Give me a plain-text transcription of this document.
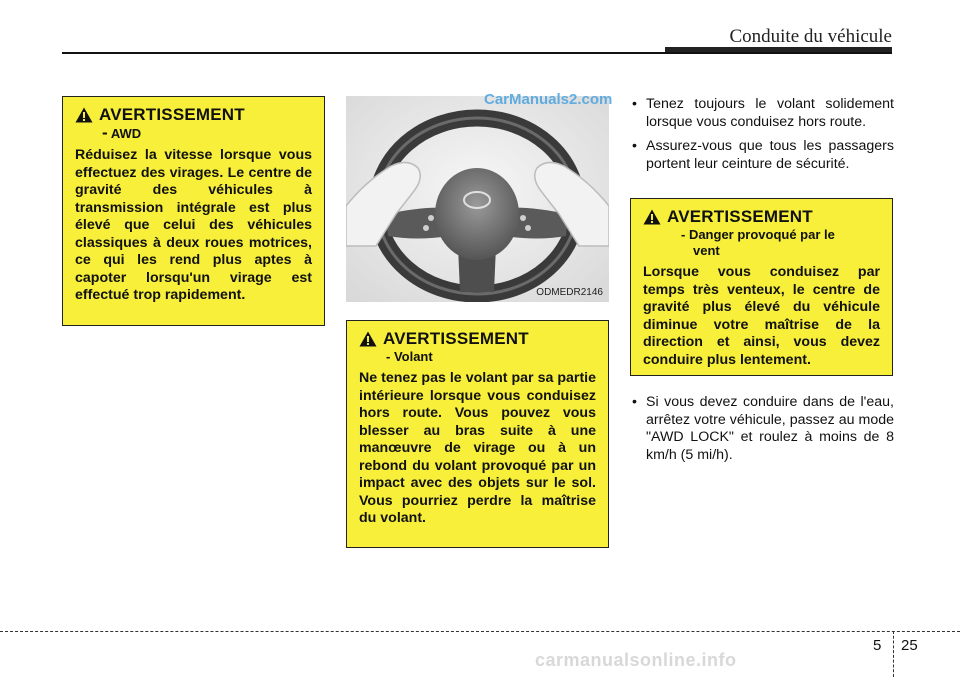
Conduite du véhicule
AVERTISSEMENT
- AWD
Réduisez la vitesse lorsque vous effectuez des virages. Le centre de gravité des véhicules à transmission intégrale est plus élevé que celui des véhicules classiques à deux roues motrices, ce qui les rend plus aptes à capoter lorsqu'un virage est effectué trop rapidement.	ODMEDR2146
CarManuals2.com
AVERTISSEMENT
- Volant
Ne tenez pas le volant par sa partie intérieure lorsque vous conduisez hors route. Vous pouvez vous blesser au bras suite à une manœuvre de virage ou à un rebond du volant provoqué par un impact avec des objets sur le sol. Vous pourriez perdre la maîtrise du volant.
• Tenez toujours le volant solidement lorsque vous conduisez hors route.
• Assurez-vous que tous les passagers portent leur ceinture de sécurité.
AVERTISSEMENT
- Danger provoqué par le
vent
Lorsque vous conduisez par temps très venteux, le centre de gravité plus élevé du véhicule diminue votre maîtrise de la direction et ainsi, vous devez conduire plus lentement.
• Si vous devez conduire dans de l'eau, arrêtez votre véhicule, passez au mode "AWD LOCK" et roulez à moins de 8 km/h (5 mi/h).
5 25
carmanualsonline.info
